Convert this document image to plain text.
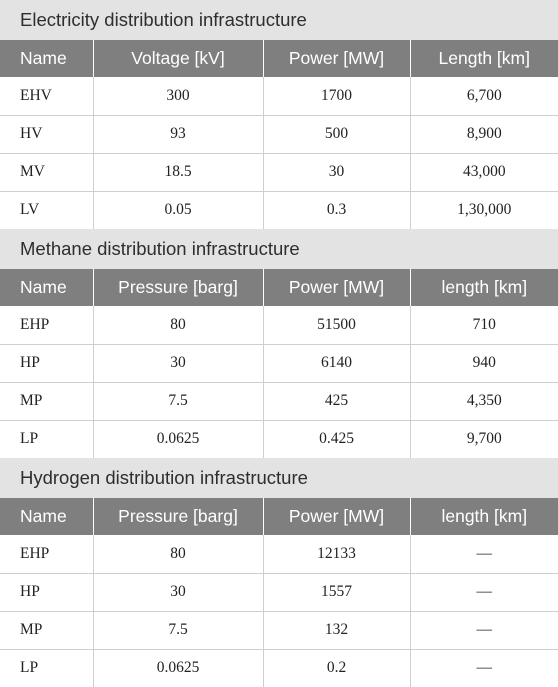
Electricity distribution infrastructure			
Name	Voltage [kV]	Power [MW]	Length [km]
EHV	300	1700	6,700
HV	93	500	8,900
MV	18.5	30	43,000
LV	0.05	0.3	1,30,000
Methane distribution infrastructure			
Name	Pressure [barg]	Power [MW]	length [km]
EHP	80	51500	710
HP	30	6140	940
MP	7.5	425	4,350
LP	0.0625	0.425	9,700
Hydrogen distribution infrastructure			
Name	Pressure [barg]	Power [MW]	length [km]
EHP	80	12133	—
HP	30	1557	—
MP	7.5	132	—
LP	0.0625	0.2	—
